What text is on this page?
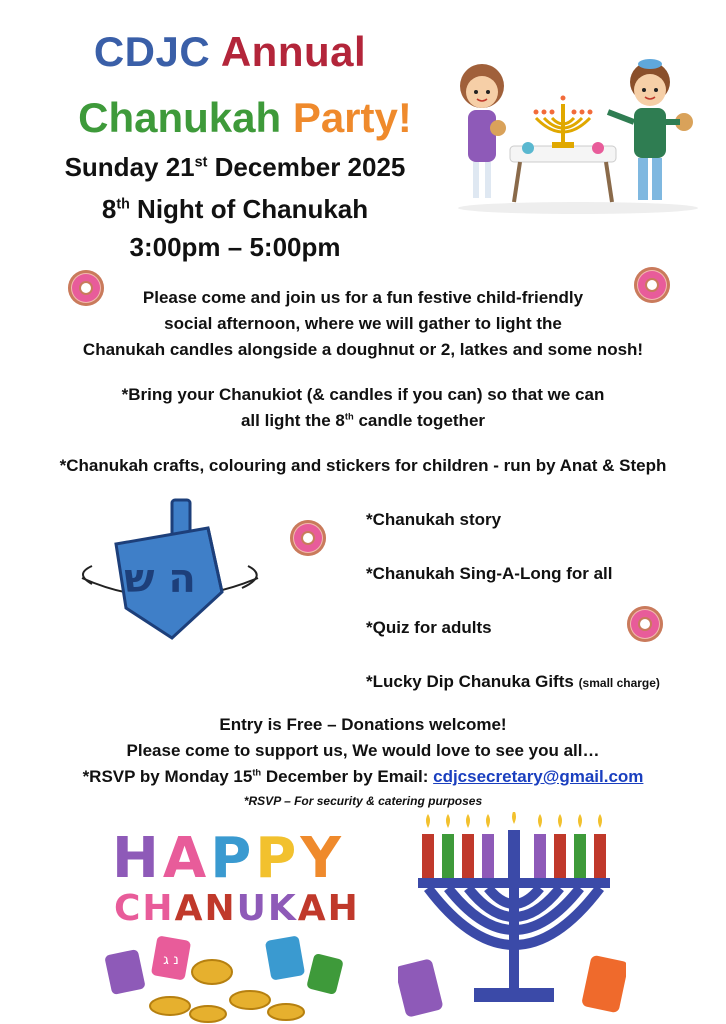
CDJC Annual
Chanukah Party!
Sunday 21st December 2025
8th Night of Chanukah
3:00pm – 5:00pm
Please come and join us for a fun festive child-friendly
social afternoon, where we will gather to light the
Chanukah candles alongside a doughnut or 2, latkes and some nosh!
*Bring your Chanukiot (& candles if you can) so that we can
all light the 8th candle together
*Chanukah crafts, colouring and stickers for children - run by Anat & Steph
ה ש
*Chanukah story
*Chanukah Sing-A-Long for all
*Quiz for adults
*Lucky Dip Chanuka Gifts (small charge)
Entry is Free – Donations welcome!
Please come to support us, We would love to see you all…
*RSVP by Monday 15th December by Email: cdjcsecretary@gmail.com
*RSVP – For security & catering purposes
HAPPY
CHANUKAH
נ ג
